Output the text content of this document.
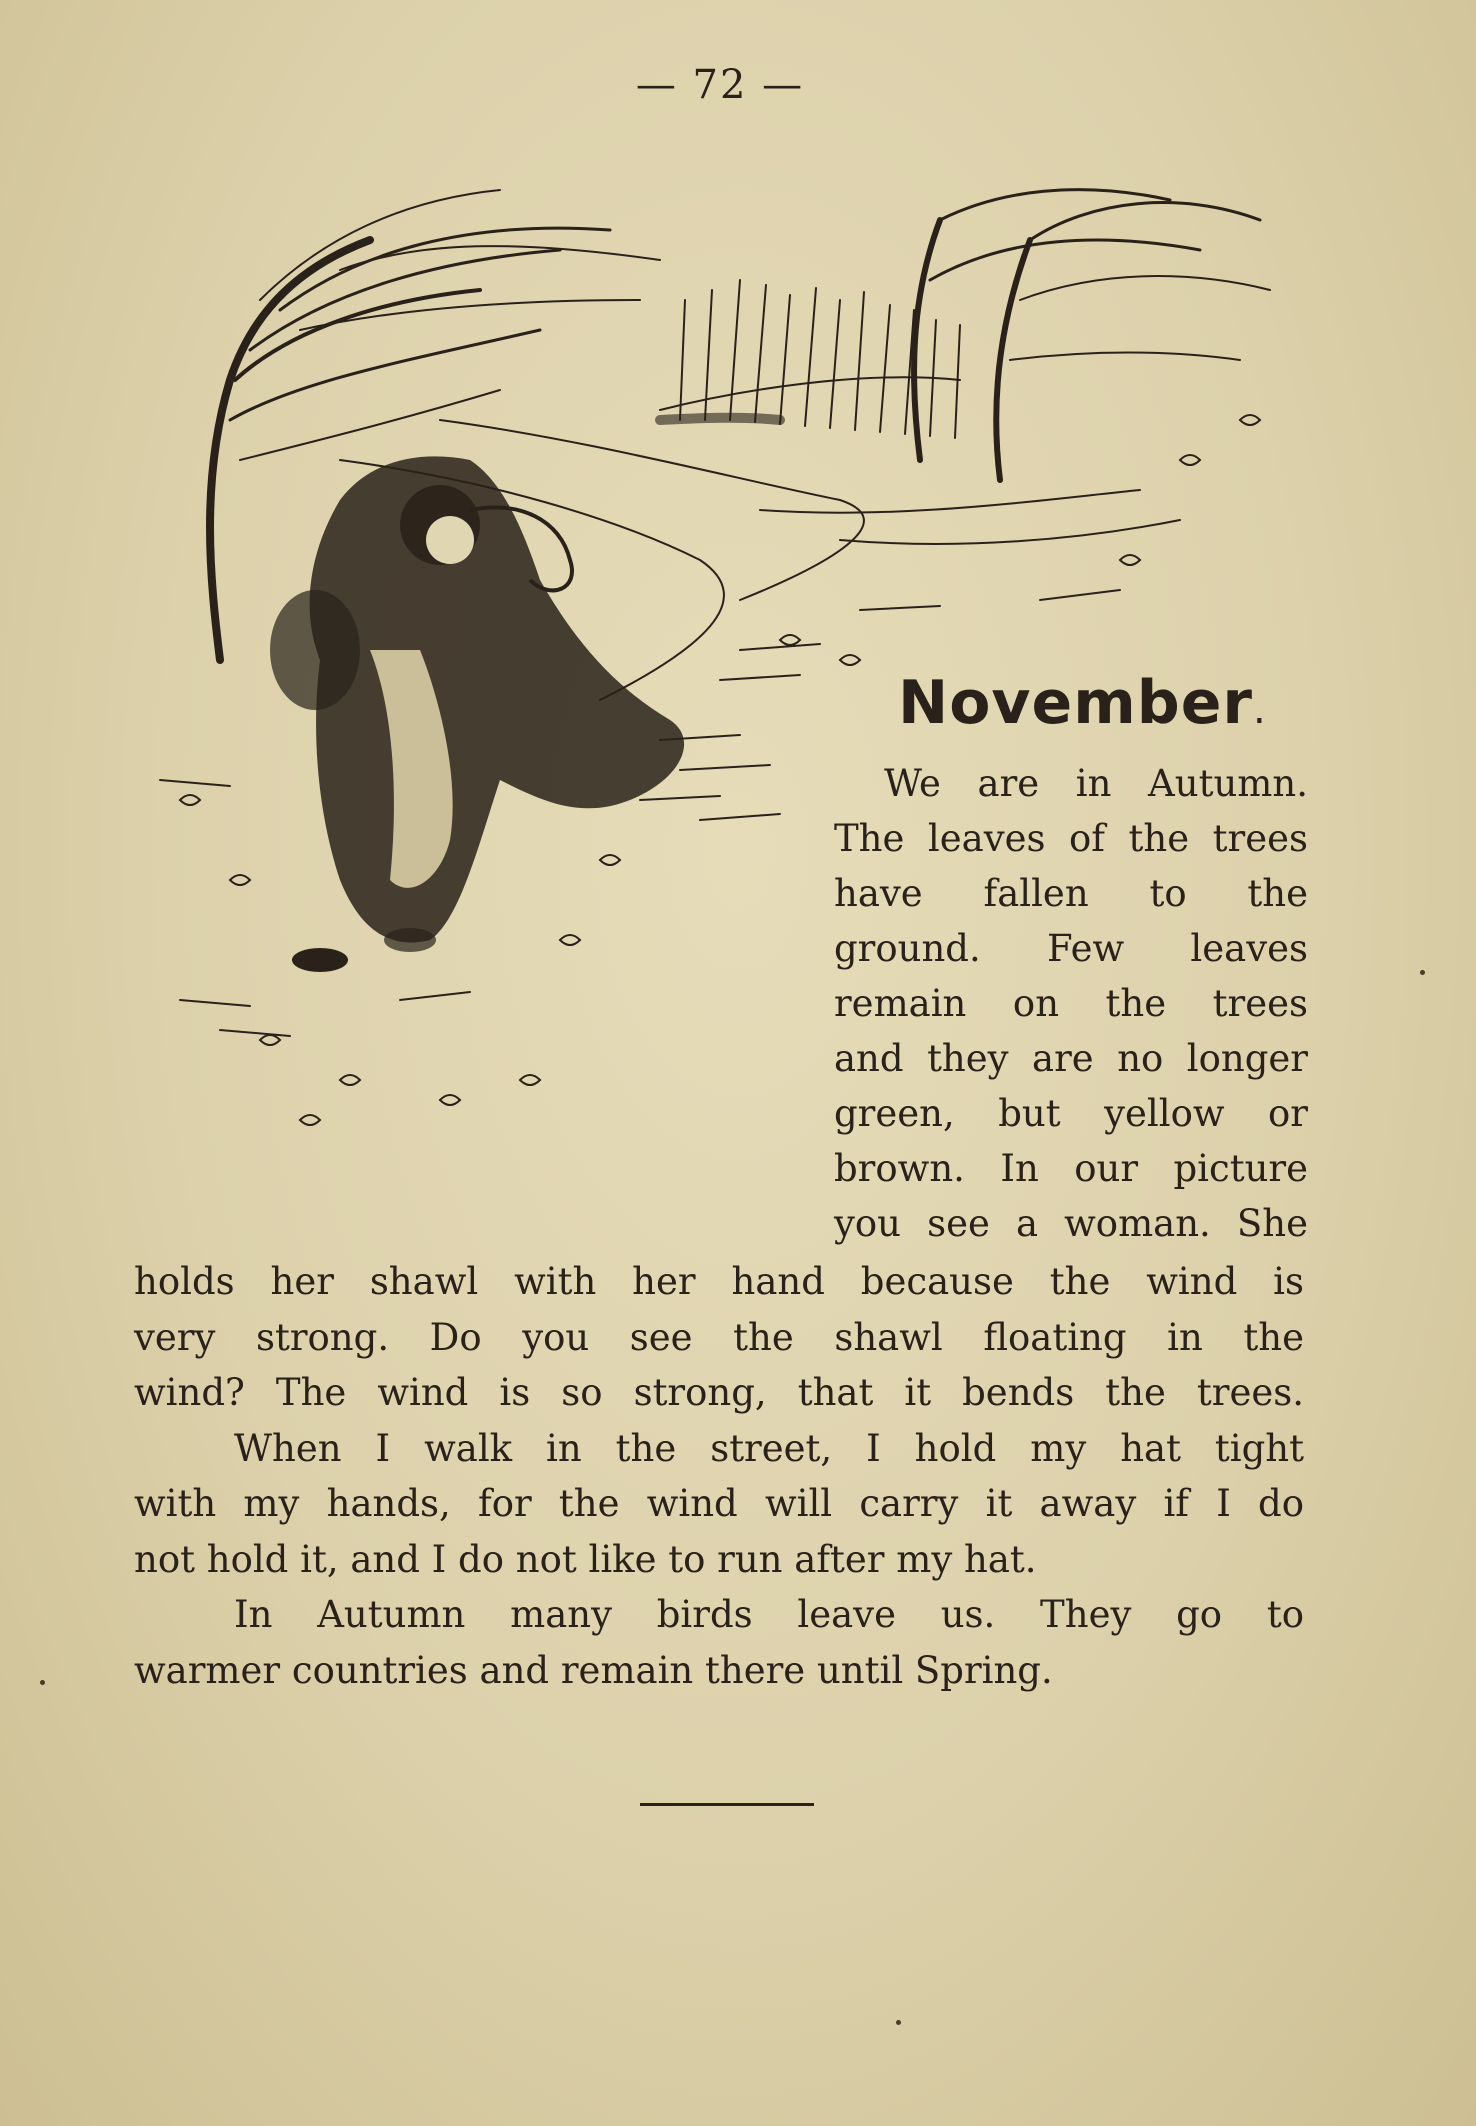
— 72 —
November.
We are in Autumn.
The leaves of the trees
have fallen to the
ground. Few leaves
remain on the trees
and they are no longer
green, but yellow or
brown. In our picture
you see a woman. She
holds her shawl with her hand because the wind is
very strong. Do you see the shawl floating in the
wind? The wind is so strong, that it bends the trees.
When I walk in the street, I hold my hat tight
with my hands, for the wind will carry it away if I do
not hold it, and I do not like to run after my hat.
In Autumn many birds leave us. They go to
warmer countries and remain there until Spring.
